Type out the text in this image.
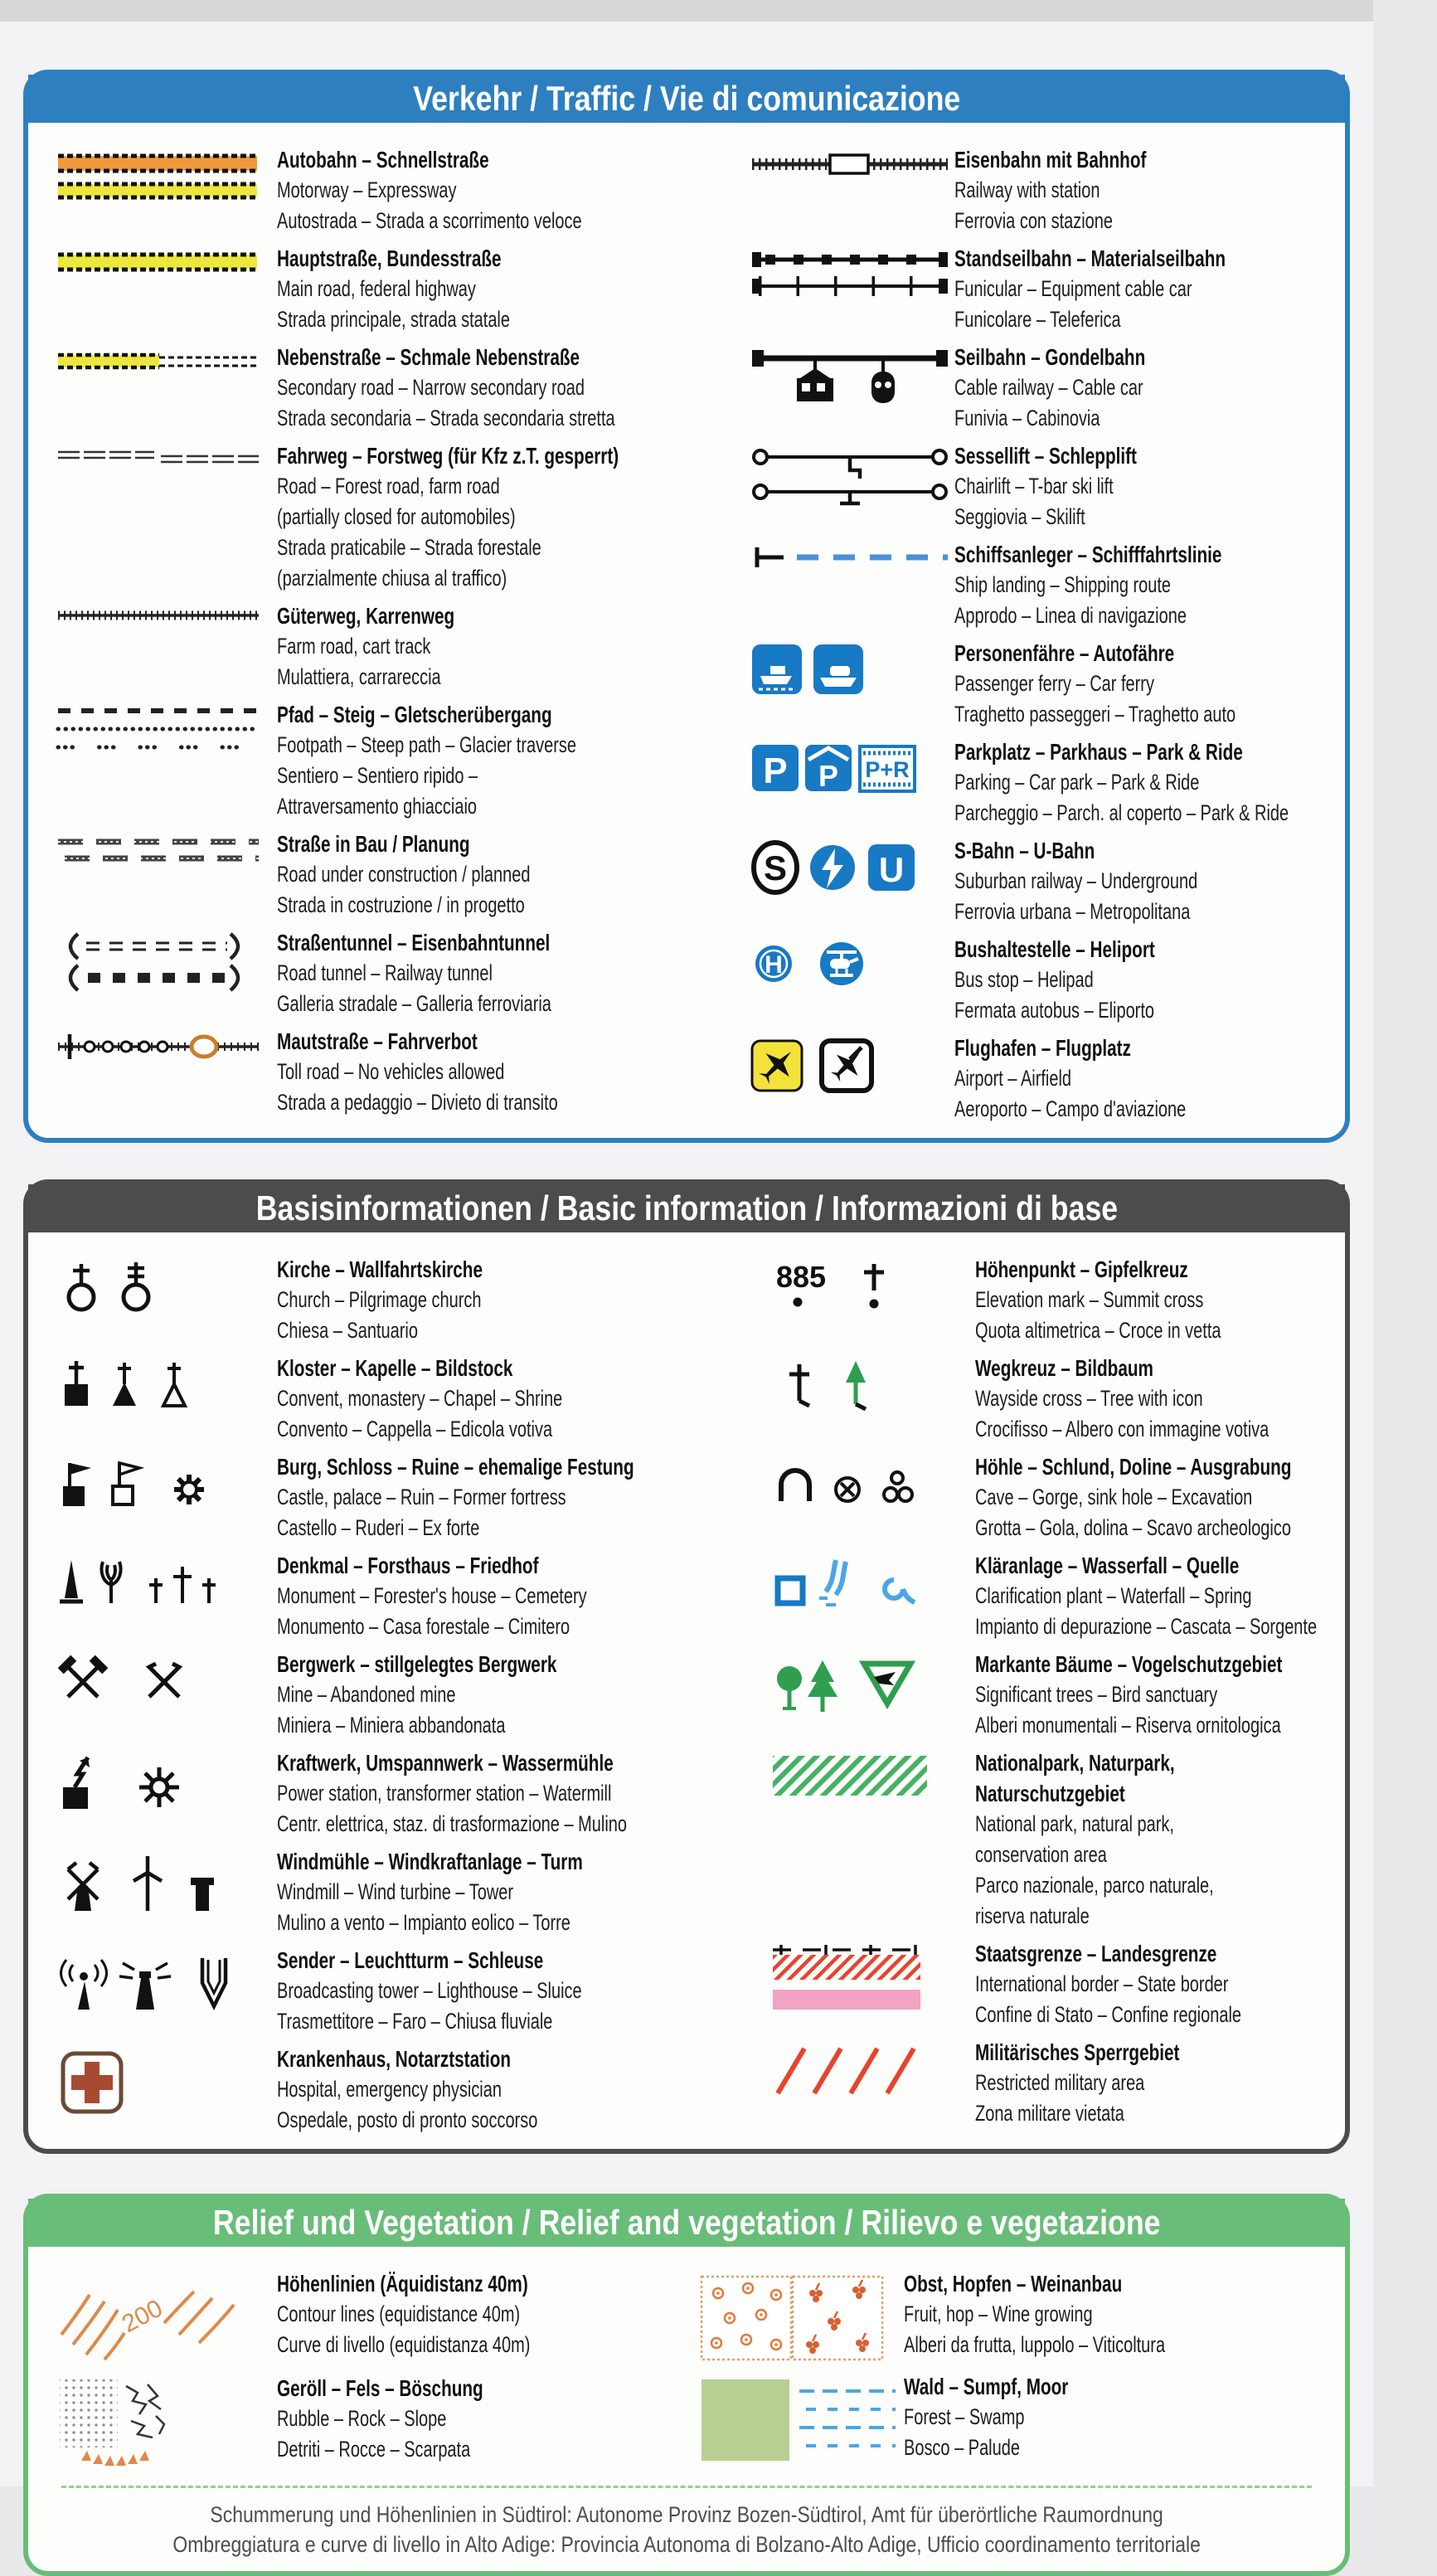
Verkehr / Traffic / Vie di comunicazione
Autobahn – Schnellstraße
Motorway – Expressway
Autostrada – Strada a scorrimento veloce
Hauptstraße, Bundesstraße
Main road, federal highway
Strada principale, strada statale
Nebenstraße – Schmale Nebenstraße
Secondary road – Narrow secondary road
Strada secondaria – Strada secondaria stretta
Fahrweg – Forstweg (für Kfz z.T. gesperrt)
Road – Forest road, farm road
(partially closed for automobiles)
Strada praticabile – Strada forestale
(parzialmente chiusa al traffico)
Güterweg, Karrenweg
Farm road, cart track
Mulattiera, carrareccia
Pfad – Steig – Gletscherübergang
Footpath – Steep path – Glacier traverse
Sentiero – Sentiero ripido –
Attraversamento ghiacciaio
Straße in Bau / Planung
Road under construction / planned
Strada in costruzione / in progetto
Straßentunnel – Eisenbahntunnel
Road tunnel – Railway tunnel
Galleria stradale – Galleria ferroviaria
Mautstraße – Fahrverbot
Toll road – No vehicles allowed
Strada a pedaggio – Divieto di transito
Eisenbahn mit Bahnhof
Railway with station
Ferrovia con stazione
Standseilbahn – Materialseilbahn
Funicular – Equipment cable car
Funicolare – Teleferica
Seilbahn – Gondelbahn
Cable railway – Cable car
Funivia – Cabinovia
Sessellift – Schlepplift
Chairlift – T-bar ski lift
Seggiovia – Skilift
Schiffsanleger – Schifffahrtslinie
Ship landing – Shipping route
Approdo – Linea di navigazione
Personenfähre – Autofähre
Passenger ferry – Car ferry
Traghetto passeggeri – Traghetto auto
P P P+R
Parkplatz – Parkhaus – Park & Ride
Parking – Car park – Park & Ride
Parcheggio – Parch. al coperto – Park & Ride
S	U S-Bahn – U-Bahn
Suburban railway – Underground
Ferrovia urbana – Metropolitana
H
Bushaltestelle – Heliport
Bus stop – Helipad
Fermata autobus – Eliporto
Flughafen – Flugplatz
Airport – Airfield
Aeroporto – Campo d'aviazione
Basisinformationen / Basic information / Informazioni di base
Kirche – Wallfahrtskirche
Church – Pilgrimage church
Chiesa – Santuario
Kloster – Kapelle – Bildstock
Convent, monastery – Chapel – Shrine
Convento – Cappella – Edicola votiva
Burg, Schloss – Ruine – ehemalige Festung
Castle, palace – Ruin – Former fortress
Castello – Ruderi – Ex forte
Denkmal – Forsthaus – Friedhof
Monument – Forester's house – Cemetery
Monumento – Casa forestale – Cimitero
Bergwerk – stillgelegtes Bergwerk
Mine – Abandoned mine
Miniera – Miniera abbandonata
Kraftwerk, Umspannwerk – Wassermühle
Power station, transformer station – Watermill
Centr. elettrica, staz. di trasformazione – Mulino
Windmühle – Windkraftanlage – Turm
Windmill – Wind turbine – Tower
Mulino a vento – Impianto eolico – Torre
Sender – Leuchtturm – Schleuse
Broadcasting tower – Lighthouse – Sluice
Trasmettitore – Faro – Chiusa fluviale
Krankenhaus, Notarztstation
Hospital, emergency physician
Ospedale, posto di pronto soccorso
885	Höhenpunkt – Gipfelkreuz
Elevation mark – Summit cross
Quota altimetrica – Croce in vetta
Wegkreuz – Bildbaum
Wayside cross – Tree with icon
Crocifisso – Albero con immagine votiva
Höhle – Schlund, Doline – Ausgrabung
Cave – Gorge, sink hole – Excavation
Grotta – Gola, dolina – Scavo archeologico
Kläranlage – Wasserfall – Quelle
Clarification plant – Waterfall – Spring
Impianto di depurazione – Cascata – Sorgente
Markante Bäume – Vogelschutzgebiet
Significant trees – Bird sanctuary
Alberi monumentali – Riserva ornitologica
Nationalpark, Naturpark,
Naturschutzgebiet
National park, natural park,
conservation area
Parco nazionale, parco naturale,
riserva naturale
Staatsgrenze – Landesgrenze
International border – State border
Confine di Stato – Confine regionale
Militärisches Sperrgebiet
Restricted military area
Zona militare vietata
Relief und Vegetation / Relief and vegetation / Rilievo e vegetazione
200
Höhenlinien (Äquidistanz 40m)
Contour lines (equidistance 40m)
Curve di livello (equidistanza 40m)
Geröll – Fels – Böschung
Rubble – Rock – Slope
Detriti – Rocce – Scarpata
Obst, Hopfen – Weinanbau
Fruit, hop – Wine growing
Alberi da frutta, luppolo – Viticoltura
Wald – Sumpf, Moor
Forest – Swamp
Bosco – Palude
Schummerung und Höhenlinien in Südtirol: Autonome Provinz Bozen-Südtirol, Amt für überörtliche Raumordnung
Ombreggiatura e curve di livello in Alto Adige: Provincia Autonoma di Bolzano-Alto Adige, Ufficio coordinamento territoriale
